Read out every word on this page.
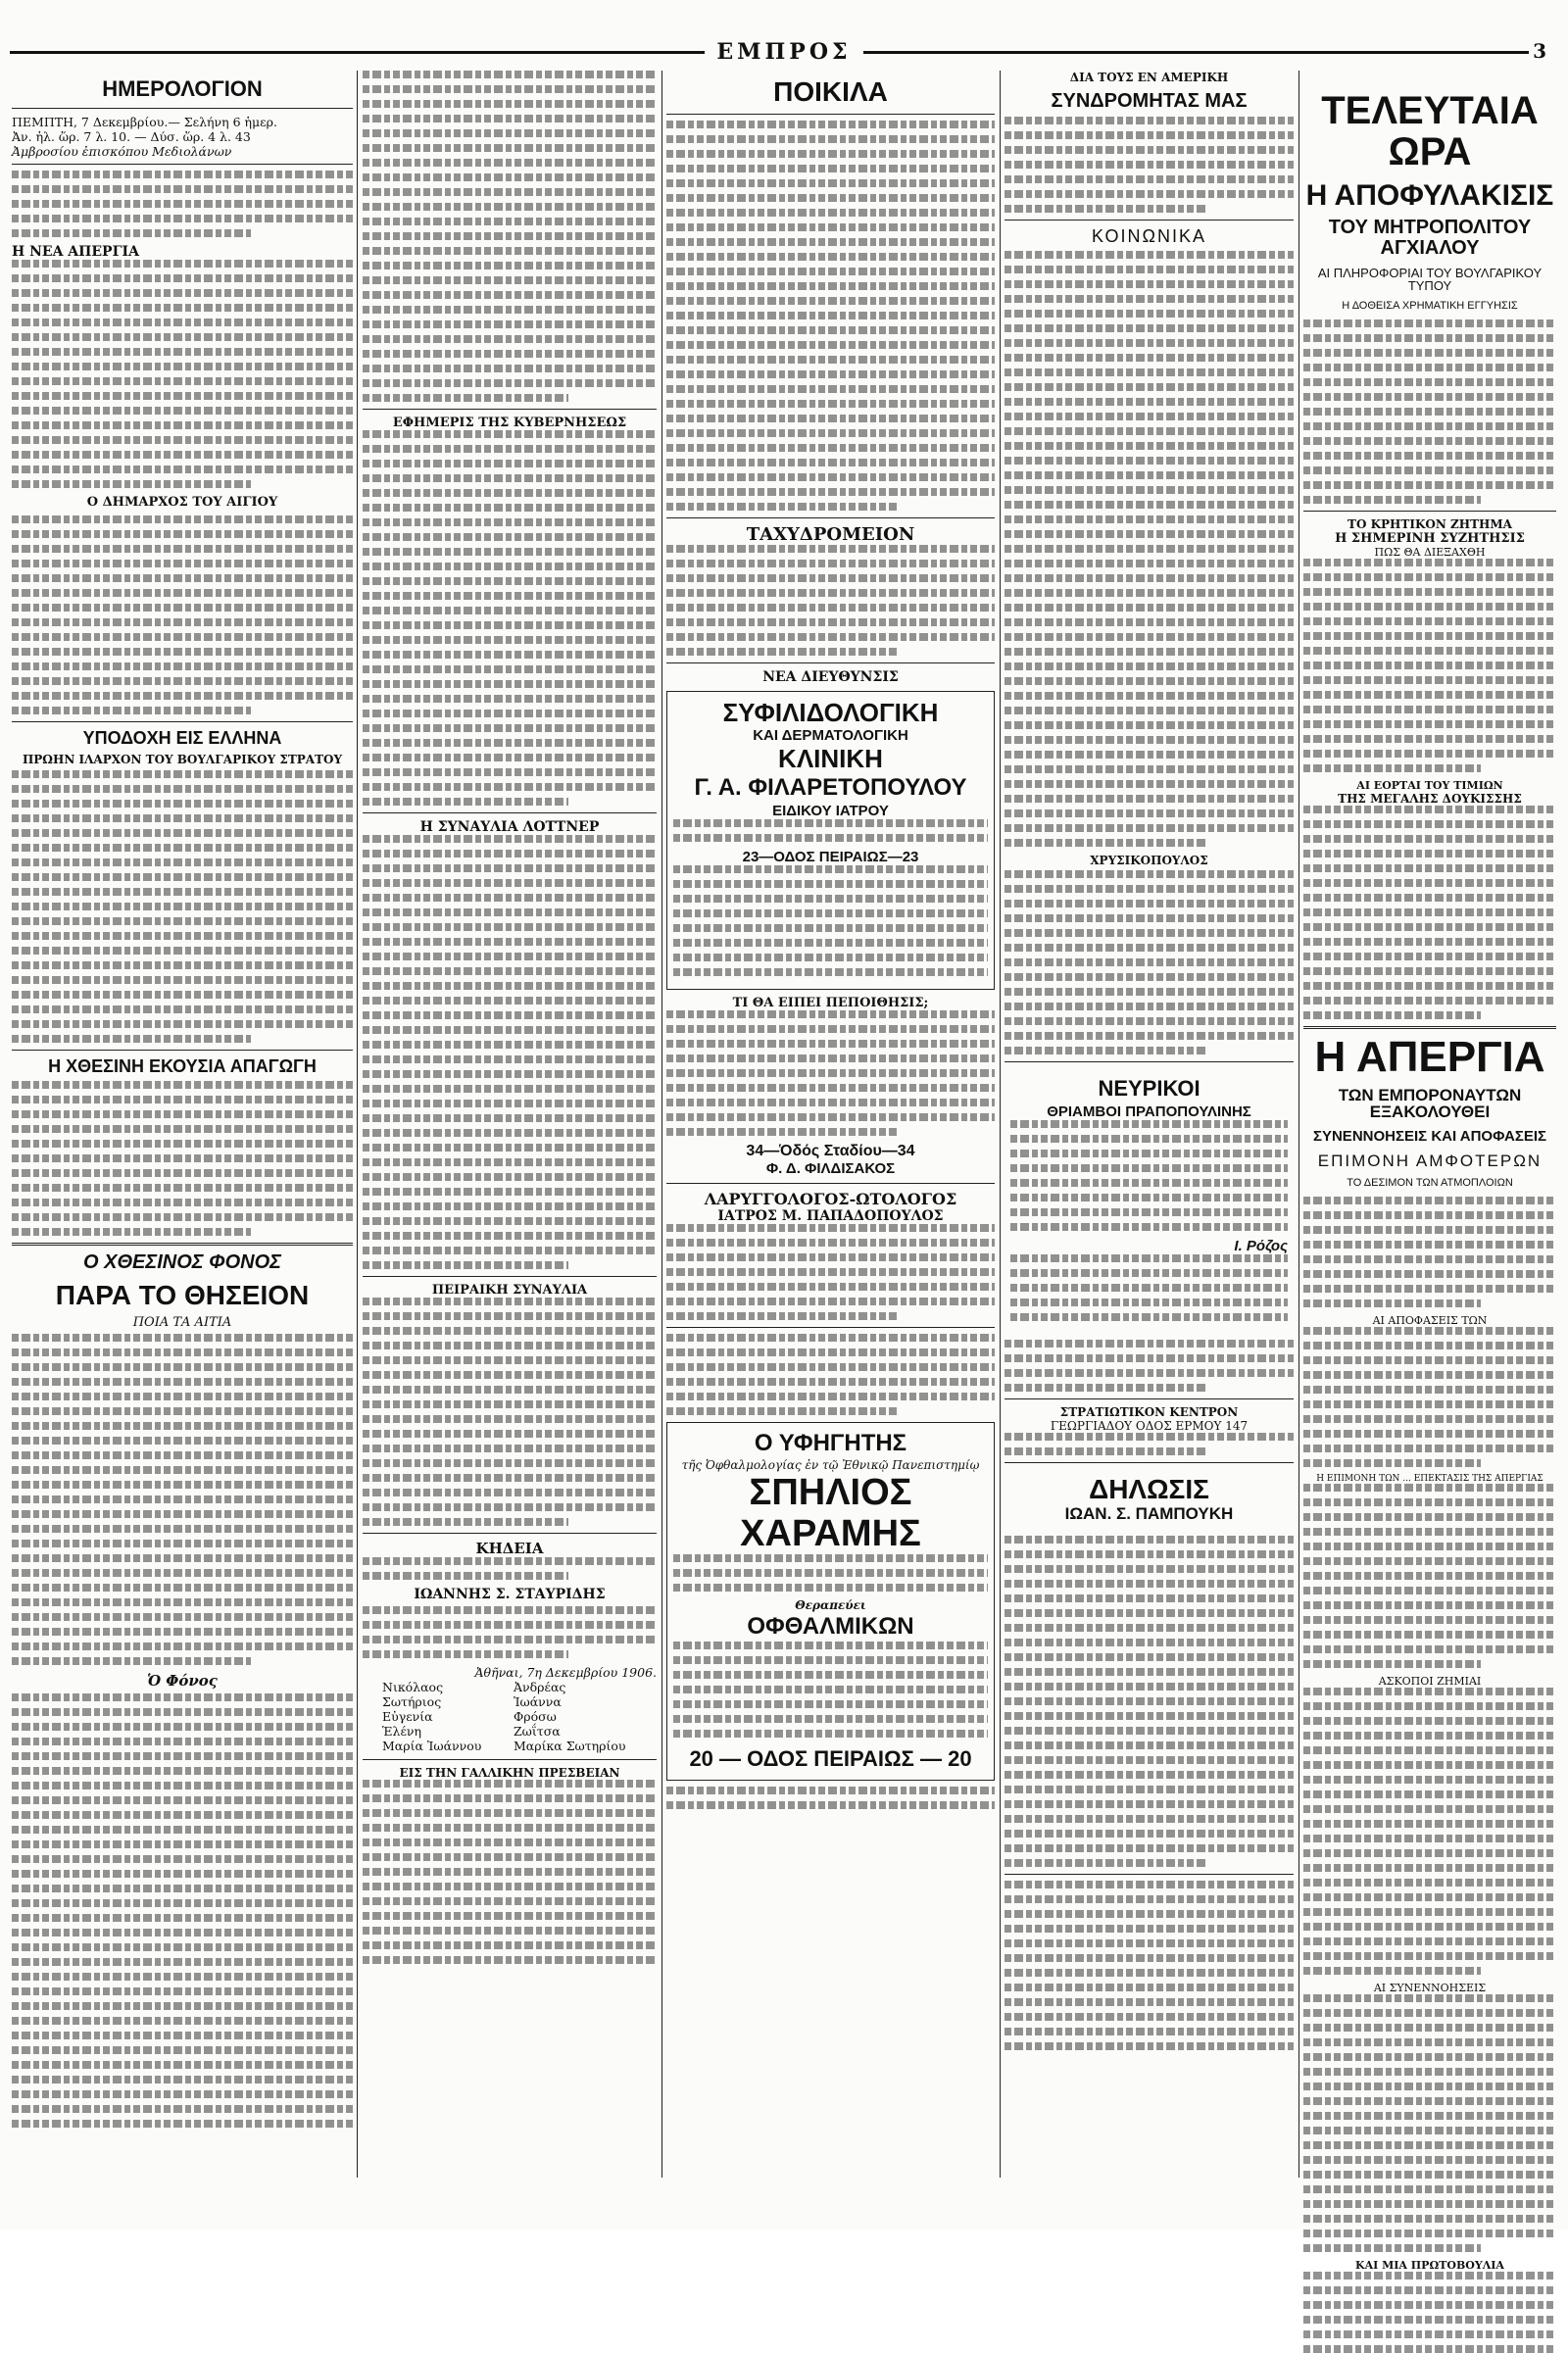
ΕΜΠΡΟΣ	3
ΗΜΕΡΟΛΟΓΙΟΝ
ΠΕΜΠΤΗ, 7 Δεκεμβρίου.— Σελήνη 6 ἡμερ.
Ἀν. ἡλ. ὥρ. 7 λ. 10. — Δύσ. ὥρ. 4 λ. 43
Ἀμβροσίου ἐπισκόπου Μεδιολάνων
Η ΝΕΑ ΑΠΕΡΓΙΑ
Ο ΔΗΜΑΡΧΟΣ ΤΟΥ ΑΙΓΙΟΥ
ΥΠΟΔΟΧΗ ΕΙΣ ΕΛΛΗΝΑ
ΠΡΩΗΝ ΙΛΑΡΧΟΝ ΤΟΥ ΒΟΥΛΓΑΡΙΚΟΥ ΣΤΡΑΤΟΥ
Η ΧΘΕΣΙΝΗ ΕΚΟΥΣΙΑ ΑΠΑΓΩΓΗ
Ο ΧΘΕΣΙΝΟΣ ΦΟΝΟΣ
ΠΑΡΑ ΤΟ ΘΗΣΕΙΟΝ
ΠΟΙΑ ΤΑ ΑΙΤΙΑ
Ὁ Φόνος
ΕΦΗΜΕΡΙΣ ΤΗΣ ΚΥΒΕΡΝΗΣΕΩΣ
Η ΣΥΝΑΥΛΙΑ ΛΟΤΤΝΕΡ
ΠΕΙΡΑΙΚΗ ΣΥΝΑΥΛΙΑ
ΚΗΔΕΙΑ
ΙΩΑΝΝΗΣ Σ. ΣΤΑΥΡΙΔΗΣ
Ἀθῆναι, 7η Δεκεμβρίου 1906.
Νικόλαος	Ἀνδρέας
Σωτήριος	Ἰωάννα
Εὐγενία	Φρόσω
Ἑλένη	Ζωΐτσα
Μαρία Ἰωάννου	Μαρίκα Σωτηρίου
ΕΙΣ ΤΗΝ ΓΑΛΛΙΚΗΝ ΠΡΕΣΒΕΙΑΝ
ΠΟΙΚΙΛΑ
ΤΑΧΥΔΡΟΜΕΙΟΝ
ΝΕΑ ΔΙΕΥΘΥΝΣΙΣ
ΣΥΦΙΛΙΔΟΛΟΓΙΚΗ
ΚΑΙ ΔΕΡΜΑΤΟΛΟΓΙΚΗ
ΚΛΙΝΙΚΗ
Γ. Α. ΦΙΛΑΡΕΤΟΠΟΥΛΟΥ
ΕΙΔΙΚΟΥ ΙΑΤΡΟΥ
23—ΟΔΟΣ ΠΕΙΡΑΙΩΣ—23
ΤΙ ΘΑ ΕΙΠΕΙ ΠΕΠΟΙΘΗΣΙΣ;
34—Ὁδός Σταδίου—34
Φ. Δ. ΦΙΛΔΙΣΑΚΟΣ
ΛΑΡΥΓΓΟΛΟΓΟΣ-ΩΤΟΛΟΓΟΣ
ΙΑΤΡΟΣ Μ. ΠΑΠΑΔΟΠΟΥΛΟΣ
Ο ΥΦΗΓΗΤΗΣ
τῆς Ὀφθαλμολογίας ἐν τῷ Ἐθνικῷ Πανεπιστημίῳ
ΣΠΗΛΙΟΣ
ΧΑΡΑΜΗΣ
Θεραπεύει
ΟΦΘΑΛΜΙΚΩΝ
20 — ΟΔΟΣ ΠΕΙΡΑΙΩΣ — 20
ΔΙΑ ΤΟΥΣ ΕΝ ΑΜΕΡΙΚΗ
ΣΥΝΔΡΟΜΗΤΑΣ ΜΑΣ
ΚΟΙΝΩΝΙΚΑ
ΧΡΥΣΙΚΟΠΟΥΛΟΣ
ΝΕΥΡΙΚΟΙ
ΘΡΙΑΜΒΟΙ ΠΡΑΠΟΠΟΥΛΙΝΗΣ
Ι. Ρόζος
ΣΤΡΑΤΙΩΤΙΚΟΝ ΚΕΝΤΡΟΝ
ΓΕΩΡΓΙΑΔΟΥ ΟΔΟΣ ΕΡΜΟΥ 147
ΔΗΛΩΣΙΣ
ΙΩΑΝ. Σ. ΠΑΜΠΟΥΚΗ
ΤΕΛΕΥΤΑΙΑ ΩΡΑ
Η ΑΠΟΦΥΛΑΚΙΣΙΣ
ΤΟΥ ΜΗΤΡΟΠΟΛΙΤΟΥ ΑΓΧΙΑΛΟΥ
ΑΙ ΠΛΗΡΟΦΟΡΙΑΙ ΤΟΥ ΒΟΥΛΓΑΡΙΚΟΥ ΤΥΠΟΥ
Η ΔΟΘΕΙΣΑ ΧΡΗΜΑΤΙΚΗ ΕΓΓΥΗΣΙΣ
ΤΟ ΚΡΗΤΙΚΟΝ ΖΗΤΗΜΑ
Η ΣΗΜΕΡΙΝΗ ΣΥΖΗΤΗΣΙΣ
ΠΩΣ ΘΑ ΔΙΕΞΑΧΘΗ
ΑΙ ΕΟΡΤΑΙ ΤΟΥ ΤΙΜΙΩΝ
ΤΗΣ ΜΕΓΑΛΗΣ ΔΟΥΚΙΣΣΗΣ
Η ΑΠΕΡΓΙΑ
ΤΩΝ ΕΜΠΟΡΟΝΑΥΤΩΝ ΕΞΑΚΟΛΟΥΘΕΙ
ΣΥΝΕΝΝΟΗΣΕΙΣ ΚΑΙ ΑΠΟΦΑΣΕΙΣ
ΕΠΙΜΟΝΗ ΑΜΦΟΤΕΡΩΝ
ΤΟ ΔΕΣΙΜΟΝ ΤΩΝ ΑΤΜΟΠΛΟΙΩΝ
ΑΙ ΑΠΟΦΑΣΕΙΣ ΤΩΝ
Η ΕΠΙΜΟΝΗ ΤΩΝ ... ΕΠΕΚΤΑΣΙΣ ΤΗΣ ΑΠΕΡΓΙΑΣ
ΑΣΚΟΠΟΙ ΖΗΜΙΑΙ
ΑΙ ΣΥΝΕΝΝΟΗΣΕΙΣ
ΚΑΙ ΜΙΑ ΠΡΩΤΟΒΟΥΛΙΑ
